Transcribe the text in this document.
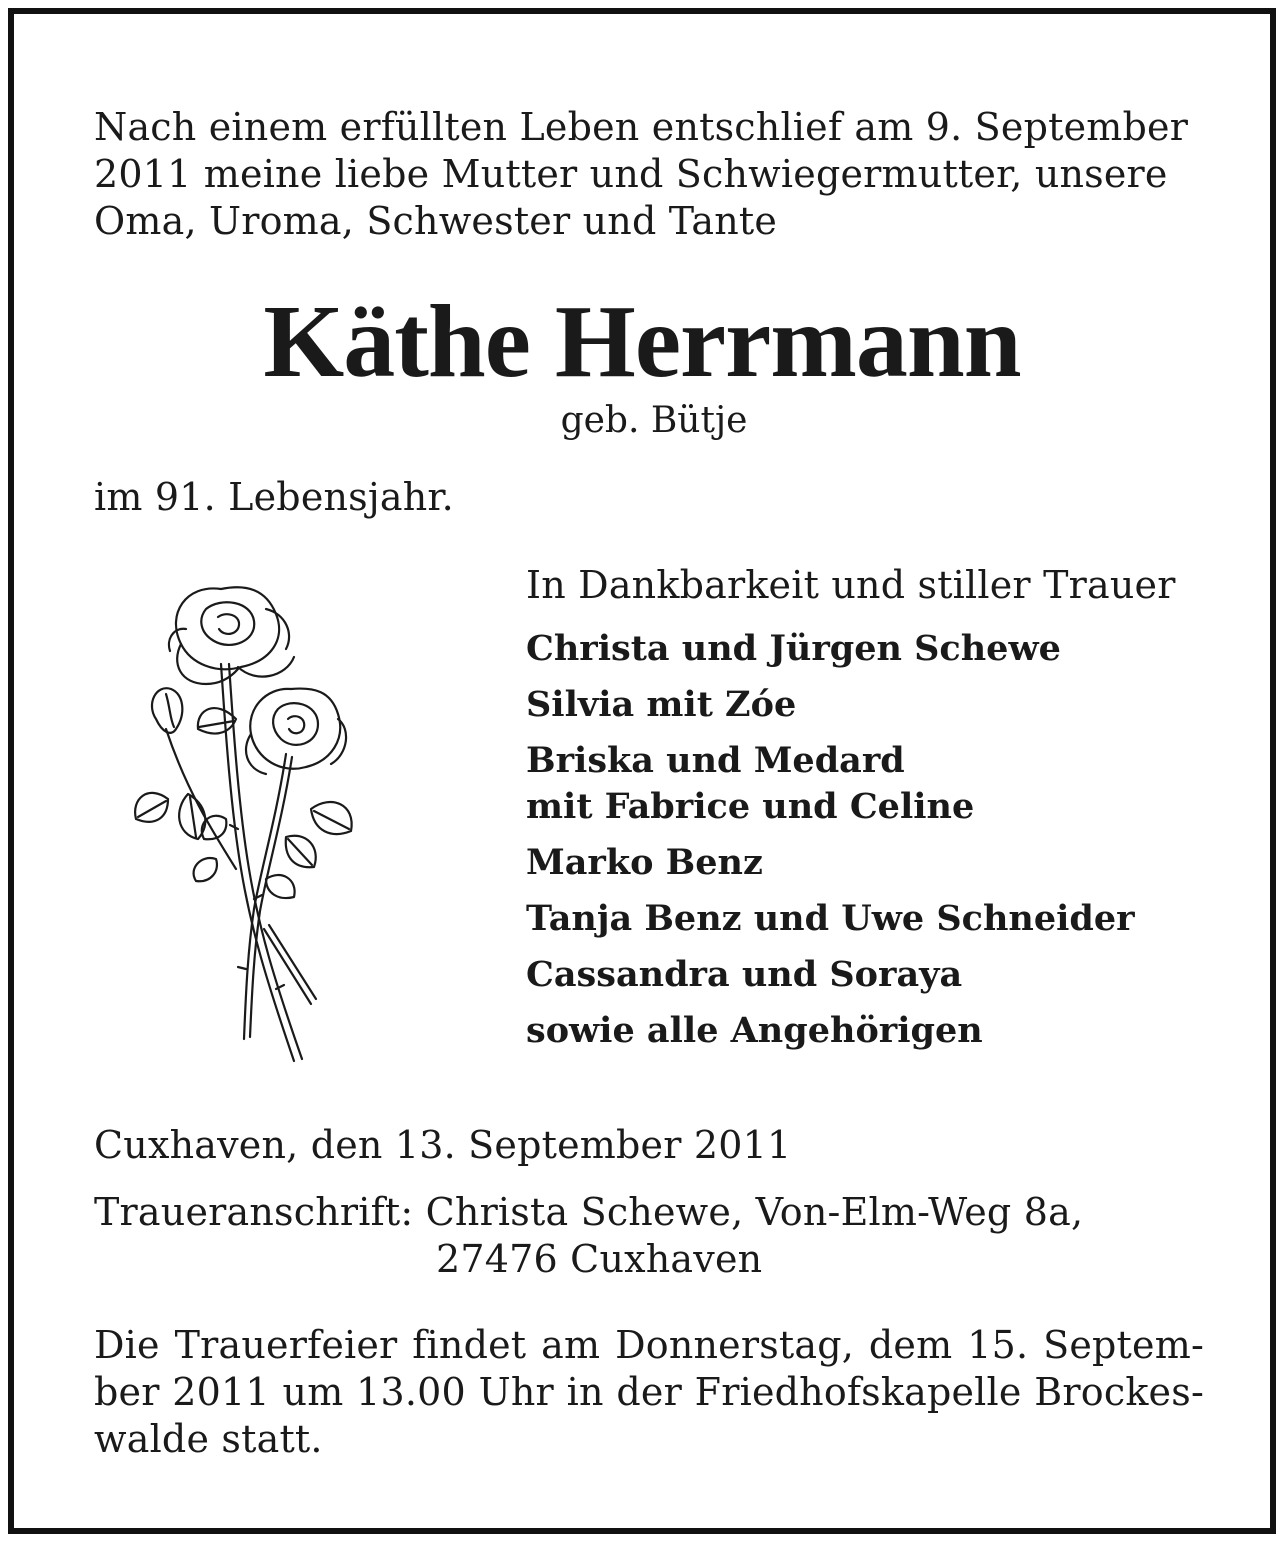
Nach einem erfüllten Leben entschlief am 9. September

2011 meine liebe Mutter und Schwiegermutter, unsere

Oma, Uroma, Schwester und Tante

Käthe Herrmann
geb. Bütje
im 91. Lebensjahr.
In Dankbarkeit und stiller Trauer
Christa und Jürgen Schewe
Silvia mit Zóe
Briska und Medard
mit Fabrice und Celine
Marko Benz
Tanja Benz und Uwe Schneider
Cassandra und Soraya
sowie alle Angehörigen
Cuxhaven, den 13. September 2011
Traueranschrift: Christa Schewe, Von-Elm-Weg 8a,
27476 Cuxhaven
Die Trauerfeier findet am Donnerstag, dem 15. Septem-
ber 2011 um 13.00 Uhr in der Friedhofskapelle Brockes-
walde statt.
